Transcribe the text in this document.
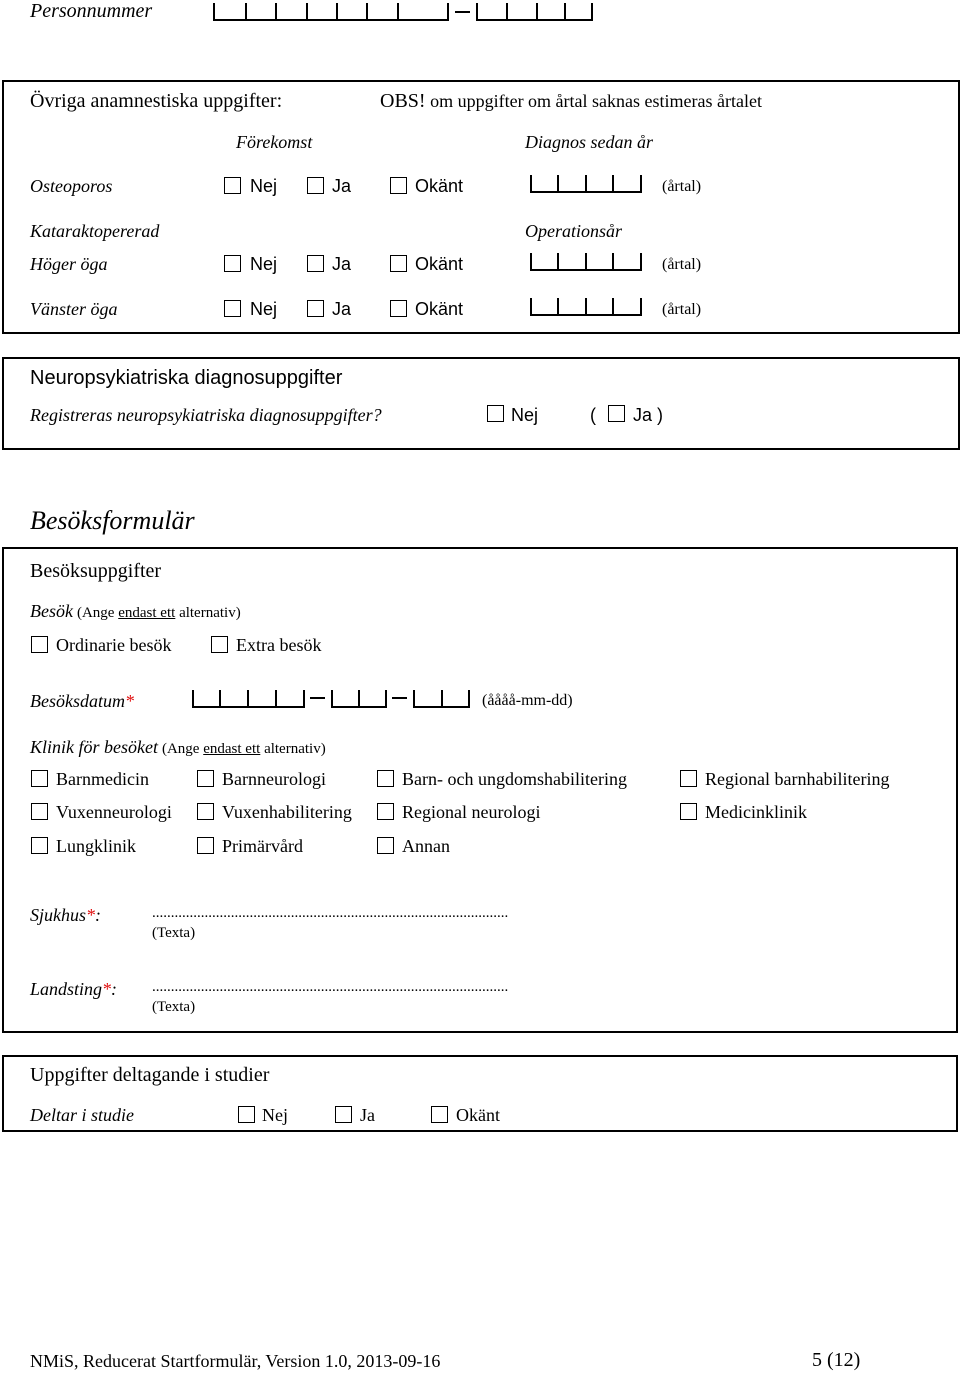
Personnummer
Övriga anamnestiska uppgifter:	OBS! om uppgifter om årtal saknas estimeras årtalet
Förekomst	Diagnos sedan år
Osteoporos	Nej	Ja	Okänt	(årtal)
Kataraktopererad	Operationsår
Höger öga	Nej	Ja	Okänt	(årtal)
Vänster öga	Nej	Ja	Okänt	(årtal)
Neuropsykiatriska diagnosuppgifter
Registreras neuropsykiatriska diagnosuppgifter?	Nej	( Ja )
Besöksformulär
Besöksuppgifter
Besök (Ange endast ett alternativ)
Ordinarie besök	Extra besök
Besöksdatum*	(åååå-mm-dd)
Klinik för besöket (Ange endast ett alternativ)
Barnmedicin	Barnneurologi	Barn- och ungdomshabilitering	Regional barnhabilitering
Vuxenneurologi	Vuxenhabilitering	Regional neurologi	Medicinklinik
Lungklinik	Primärvård	Annan
Sjukhus*:	...............................................................................................
(Texta)
Landsting*: ...............................................................................................
(Texta)
Uppgifter deltagande i studier
Deltar i studie	Nej	Ja	Okänt
NMiS, Reducerat Startformulär, Version 1.0, 2013-09-16	5 (12)
